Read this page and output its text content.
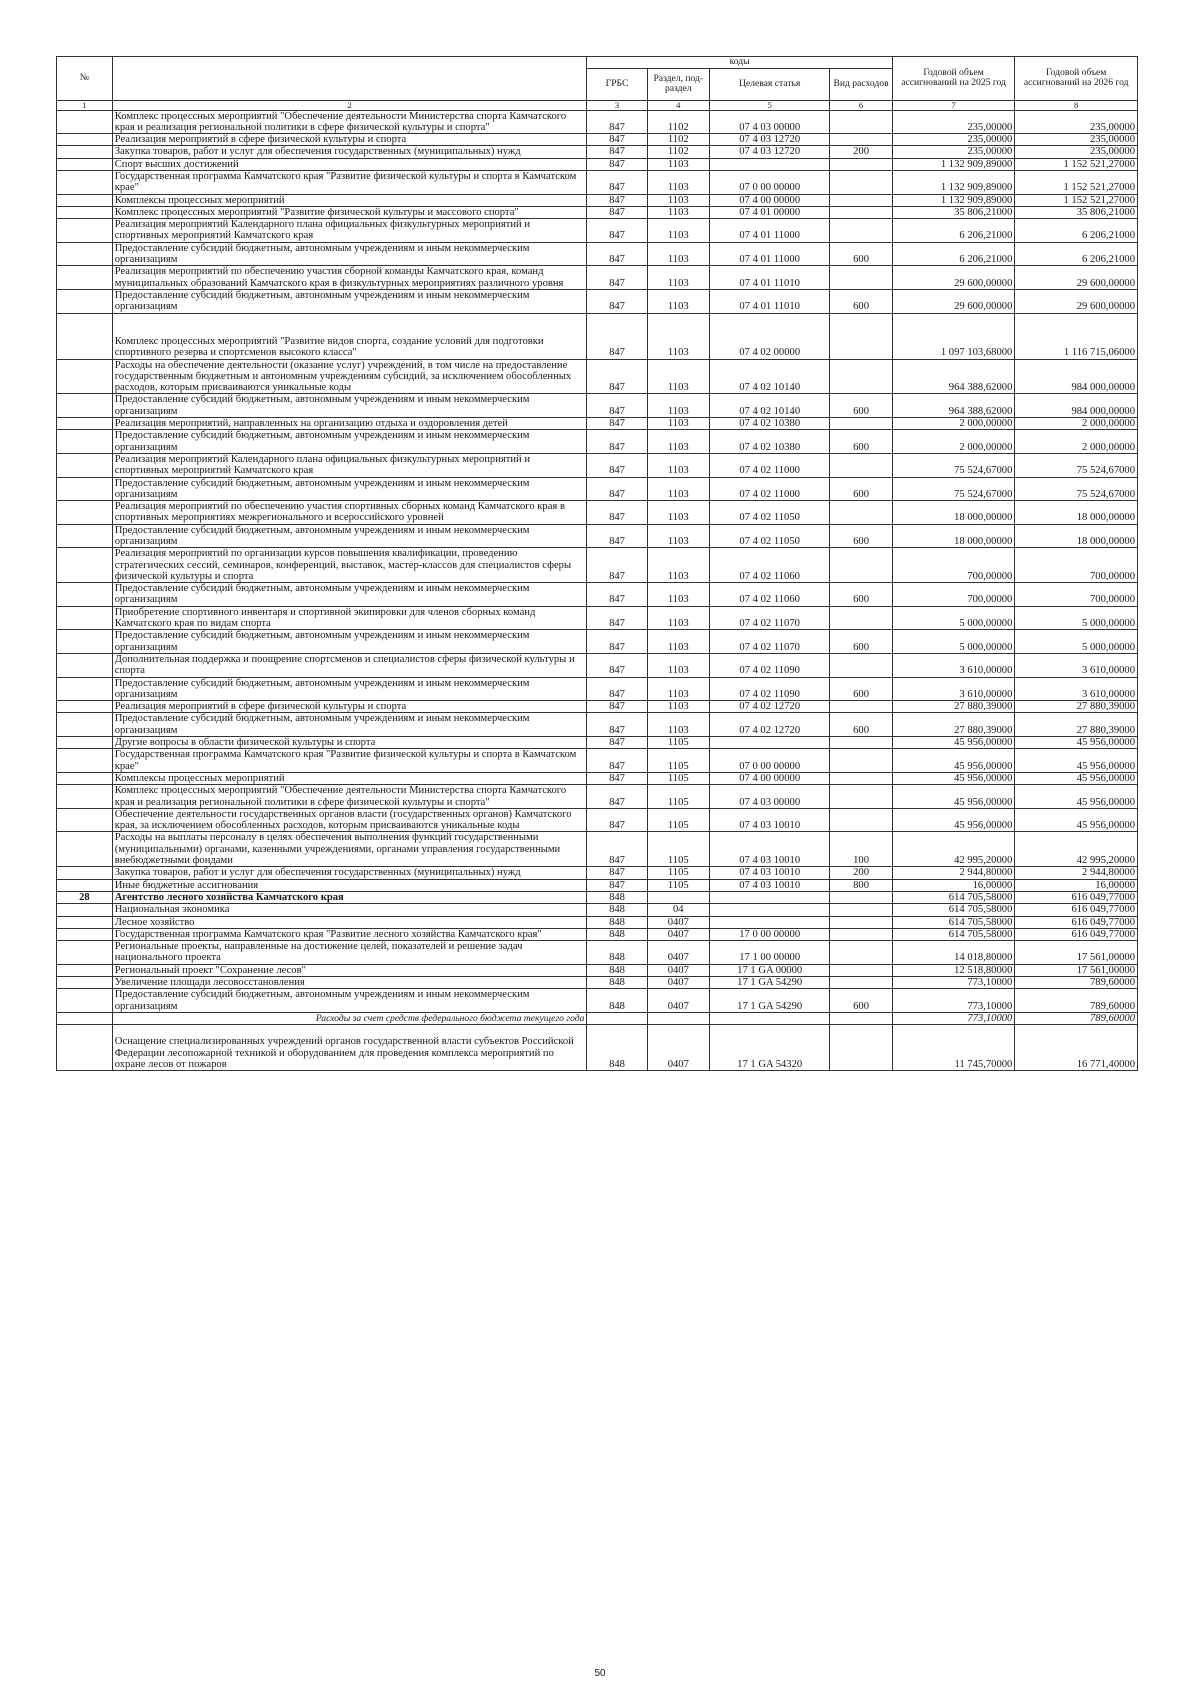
№		коды				Годовой объем ассигнований на 2025 год	Годовой объем ассигнований на 2026 год
		ГРБС	Раздел, под-раздел	Целевая статья	Вид расходов		
1	2	3	4	5	6	7	8
	Комплекс процессных мероприятий "Обеспечение деятельности Министерства спорта Камчатского края и реализация региональной политики в сфере физической культуры и спорта"	847	1102	07 4 03 00000		235,00000	235,00000
	Реализация мероприятий в сфере физической культуры и спорта	847	1102	07 4 03 12720		235,00000	235,00000
	Закупка товаров, работ и услуг для обеспечения государственных (муниципальных) нужд	847	1102	07 4 03 12720	200	235,00000	235,00000
	Спорт высших достижений	847	1103			1 132 909,89000	1 152 521,27000
	Государственная программа Камчатского края "Развитие физической культуры и спорта в Камчатском крае"	847	1103	07 0 00 00000		1 132 909,89000	1 152 521,27000
	Комплексы процессных мероприятий	847	1103	07 4 00 00000		1 132 909,89000	1 152 521,27000
	Комплекс процессных мероприятий "Развитие физической культуры и массового спорта"	847	1103	07 4 01 00000		35 806,21000	35 806,21000
	Реализация мероприятий Календарного плана официальных физкультурных мероприятий и спортивных мероприятий Камчатского края	847	1103	07 4 01 11000		6 206,21000	6 206,21000
	Предоставление субсидий бюджетным, автономным учреждениям и иным некоммерческим организациям	847	1103	07 4 01 11000	600	6 206,21000	6 206,21000
	Реализация мероприятий по обеспечению участия сборной команды Камчатского края, команд муниципальных образований Камчатского края в физкультурных мероприятиях различного уровня	847	1103	07 4 01 11010		29 600,00000	29 600,00000
	Предоставление субсидий бюджетным, автономным учреждениям и иным некоммерческим организациям	847	1103	07 4 01 11010	600	29 600,00000	29 600,00000
	Комплекс процессных мероприятий "Развитие видов спорта, создание условий для подготовки спортивного резерва и спортсменов высокого класса"	847	1103	07 4 02 00000		1 097 103,68000	1 116 715,06000
	Расходы на обеспечение деятельности (оказание услуг) учреждений, в том числе на предоставление государственным бюджетным и автономным учреждениям субсидий, за исключением обособленных расходов, которым присваиваются уникальные коды	847	1103	07 4 02 10140		964 388,62000	984 000,00000
	Предоставление субсидий бюджетным, автономным учреждениям и иным некоммерческим организациям	847	1103	07 4 02 10140	600	964 388,62000	984 000,00000
	Реализация мероприятий, направленных на организацию отдыха и оздоровления детей	847	1103	07 4 02 10380		2 000,00000	2 000,00000
	Предоставление субсидий бюджетным, автономным учреждениям и иным некоммерческим организациям	847	1103	07 4 02 10380	600	2 000,00000	2 000,00000
	Реализация мероприятий Календарного плана официальных физкультурных мероприятий и спортивных мероприятий Камчатского края	847	1103	07 4 02 11000		75 524,67000	75 524,67000
	Предоставление субсидий бюджетным, автономным учреждениям и иным некоммерческим организациям	847	1103	07 4 02 11000	600	75 524,67000	75 524,67000
	Реализация мероприятий по обеспечению участия спортивных сборных команд Камчатского края в спортивных мероприятиях межрегионального и всероссийского уровней	847	1103	07 4 02 11050		18 000,00000	18 000,00000
	Предоставление субсидий бюджетным, автономным учреждениям и иным некоммерческим организациям	847	1103	07 4 02 11050	600	18 000,00000	18 000,00000
	Реализация мероприятий по организации курсов повышения квалификации, проведению стратегических сессий, семинаров, конференций, выставок, мастер-классов для специалистов сферы физической культуры и спорта	847	1103	07 4 02 11060		700,00000	700,00000
	Предоставление субсидий бюджетным, автономным учреждениям и иным некоммерческим организациям	847	1103	07 4 02 11060	600	700,00000	700,00000
	Приобретение спортивного инвентаря и спортивной экипировки для членов сборных команд Камчатского края по видам спорта	847	1103	07 4 02 11070		5 000,00000	5 000,00000
	Предоставление субсидий бюджетным, автономным учреждениям и иным некоммерческим организациям	847	1103	07 4 02 11070	600	5 000,00000	5 000,00000
	Дополнительная поддержка и поощрение спортсменов и специалистов сферы физической культуры и спорта	847	1103	07 4 02 11090		3 610,00000	3 610,00000
	Предоставление субсидий бюджетным, автономным учреждениям и иным некоммерческим организациям	847	1103	07 4 02 11090	600	3 610,00000	3 610,00000
	Реализация мероприятий в сфере физической культуры и спорта	847	1103	07 4 02 12720		27 880,39000	27 880,39000
	Предоставление субсидий бюджетным, автономным учреждениям и иным некоммерческим организациям	847	1103	07 4 02 12720	600	27 880,39000	27 880,39000
	Другие вопросы в области физической культуры и спорта	847	1105			45 956,00000	45 956,00000
	Государственная программа Камчатского края "Развитие физической культуры и спорта в Камчатском крае"	847	1105	07 0 00 00000		45 956,00000	45 956,00000
	Комплексы процессных мероприятий	847	1105	07 4 00 00000		45 956,00000	45 956,00000
	Комплекс процессных мероприятий "Обеспечение деятельности Министерства спорта Камчатского края и реализация региональной политики в сфере физической культуры и спорта"	847	1105	07 4 03 00000		45 956,00000	45 956,00000
	Обеспечение деятельности государственных органов власти (государственных органов) Камчатского края, за исключением обособленных расходов, которым присваиваются уникальные коды	847	1105	07 4 03 10010		45 956,00000	45 956,00000
	Расходы на выплаты персоналу в целях обеспечения выполнения функций государственными (муниципальными) органами, казенными учреждениями, органами управления государственными внебюджетными фондами	847	1105	07 4 03 10010	100	42 995,20000	42 995,20000
	Закупка товаров, работ и услуг для обеспечения государственных (муниципальных) нужд	847	1105	07 4 03 10010	200	2 944,80000	2 944,80000
	Иные бюджетные ассигнования	847	1105	07 4 03 10010	800	16,00000	16,00000
28	Агентство лесного хозяйства Камчатского края	848				614 705,58000	616 049,77000
	Национальная экономика	848	04			614 705,58000	616 049,77000
	Лесное хозяйство	848	0407			614 705,58000	616 049,77000
	Государственная программа Камчатского края "Развитие лесного хозяйства Камчатского края"	848	0407	17 0 00 00000		614 705,58000	616 049,77000
	Региональные проекты, направленные на достижение целей, показателей и решение задач национального проекта	848	0407	17 1 00 00000		14 018,80000	17 561,00000
	Региональный проект "Сохранение лесов"	848	0407	17 1 GA 00000		12 518,80000	17 561,00000
	Увеличение площади лесовосстановления	848	0407	17 1 GA 54290		773,10000	789,60000
	Предоставление субсидий бюджетным, автономным учреждениям и иным некоммерческим организациям	848	0407	17 1 GA 54290	600	773,10000	789,60000
	Расходы за счет средств федерального бюджета текущего года					773,10000	789,60000
	Оснащение специализированных учреждений органов государственной власти субъектов Российской Федерации лесопожарной техникой и оборудованием для проведения комплекса мероприятий по охране лесов от пожаров	848	0407	17 1 GA 54320		11 745,70000	16 771,40000
50
